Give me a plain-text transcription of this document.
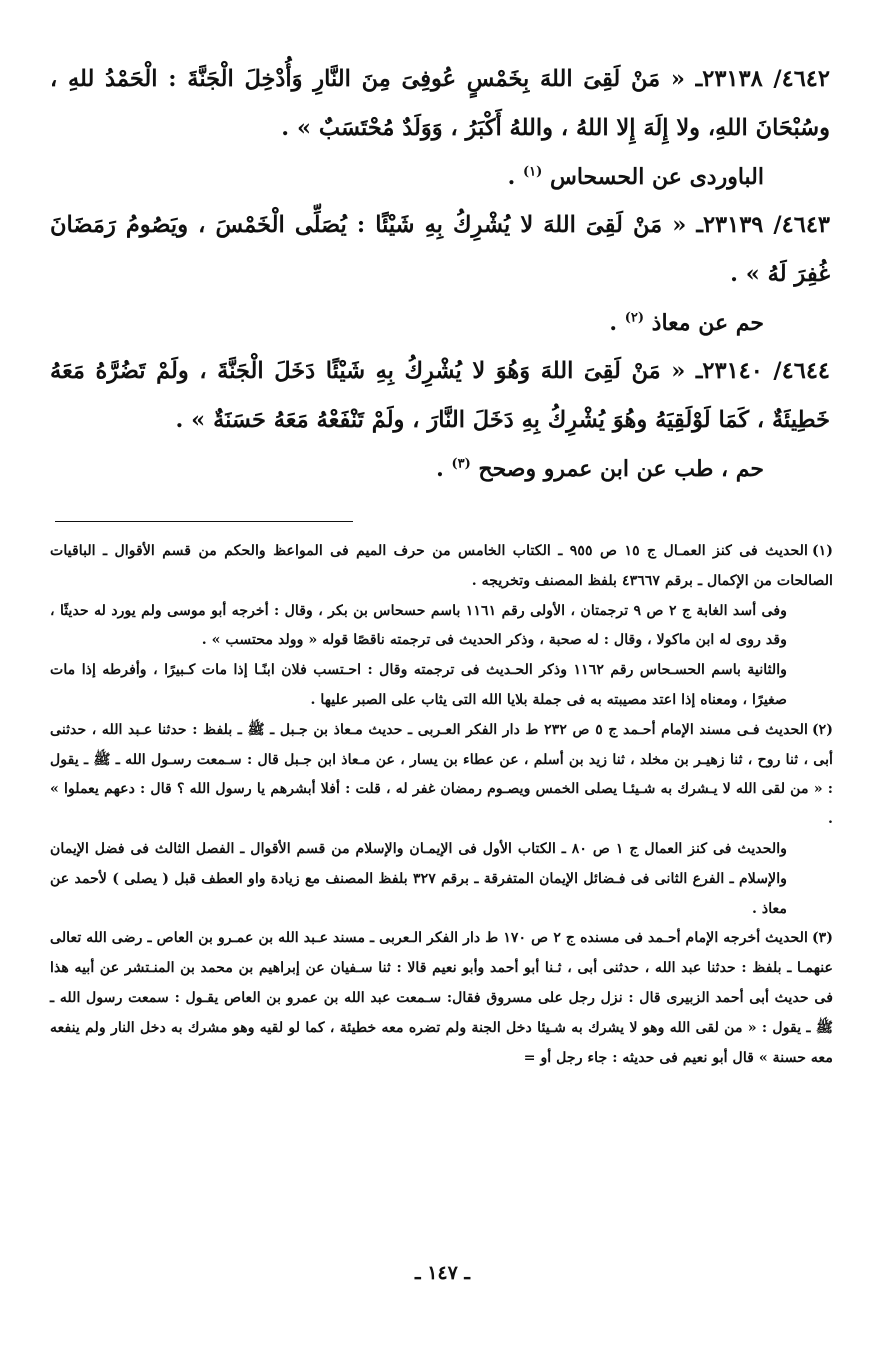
٤٦٤٢/ ٢٣١٣٨ـ « مَنْ لَقِىَ اللهَ بِخَمْسٍ عُوفِىَ مِنَ النَّارِ وَأُدْخِلَ الْجَنَّةَ : الْحَمْدُ للهِ ، وسُبْحَانَ اللهِ، ولا إِلَهَ إِلا اللهُ ، واللهُ أَكْبَرُ ، وَوَلَدٌ مُحْتَسَبٌ » .

الباوردى عن الحسحاس $^{(١)}$ .

٤٦٤٣/ ٢٣١٣٩ـ « مَنْ لَقِىَ اللهَ لا يُشْرِكُ بِهِ شَيْئًا : يُصَلِّى الْخَمْسَ ، ويَصُومُ رَمَضَانَ غُفِرَ لَهُ » .

حم عن معاذ $^{(٢)}$ .

٤٦٤٤/ ٢٣١٤٠ـ « مَنْ لَقِىَ اللهَ وَهُوَ لا يُشْرِكُ بِهِ شَيْئًا دَخَلَ الْجَنَّةَ ، ولَمْ تَضُرَّهُ مَعَهُ خَطِيئَةٌ ، كَمَا لَوْلَقِيَهُ وهُوَ يُشْرِكُ بِهِ دَخَلَ النَّارَ ، ولَمْ تَنْفَعْهُ مَعَهُ حَسَنَةٌ » .

حم ، طب عن ابن عمرو وصحح $^{(٣)}$ .

(١)الحديث فى كنز العمـال ج ١٥ ص ٩٥٥ ـ الكتاب الخامس من حرف الميم فى المواعظ والحكم من قسم الأقوال ـ الباقيات الصالحات من الإكمال ـ برقم ٤٣٦٦٧ بلفظ المصنف وتخريجه .

وفى أسد الغابة ج ٢ ص ٩ ترجمتان ، الأولى رقم ١١٦١ باسم حسحاس بن بكر ، وقال : أخرجه أبو موسى ولم يورد له حديثًا ، وقد روى له ابن ماكولا ، وقال : له صحبة ، وذكر الحديث فى ترجمته ناقصًا قوله « وولد محتسب » .

والثانية باسم الحسـحاس رقم ١١٦٢ وذكر الحـديث فى ترجمته وقال : احـتسب فلان ابنًـا إذا مات كـبيرًا ، وأفرطه إذا مات صغيرًا ، ومعناه إذا اعتد مصيبته به فى جملة بلايا الله التى يثاب على الصبر عليها .

(٢)الحديث فـى مسند الإمام أحـمد ج ٥ ص ٢٣٢ ط دار الفكر العـربى ـ حديث مـعاذ بن جـبل ـ ﷺ ـ بلفظ : حدثنا عـبد الله ، حدثنى أبى ، ثنا روح ، ثنا زهيـر بن مخلد ، ثنا زيد بن أسلم ، عن عطاء بن يسار ، عن مـعاذ ابن جـبل قال : سـمعت رسـول الله ـ ﷺ ـ يقول : « من لقى الله لا يـشرك به شـيئـا يصلى الخمس ويصـوم رمضان غفر له ، قلت : أفلا أبشرهم يا رسول الله ؟ قال : دعهم يعملوا » .

والحديث فى كنز العمال ج ١ ص ٨٠ ـ الكتاب الأول فى الإيمـان والإسلام من قسم الأقوال ـ الفصل الثالث فى فضل الإيمان والإسلام ـ الفرع الثانى فى فـضائل الإيمان المتفرقة ـ برقم ٣٢٧ بلفظ المصنف مع زيادة واو العطف قبل ( يصلى ) لأحمد عن معاذ .

(٣)الحديث أخرجه الإمام أحـمد فى مسنده ج ٢ ص ١٧٠ ط دار الفكر الـعربى ـ مسند عـبد الله بن عمـرو بن العاص ـ رضى الله تعالى عنهمـا ـ بلفظ : حدثنا عبد الله ، حدثنى أبى ، ثـنا أبو أحمد وأبو نعيم قالا : ثنا سـفيان عن إبراهيم بن محمد بن المنـتشر عن أبيه هذا فى حديث أبى أحمد الزبيرى قال : نزل رجل على مسروق فقال: سـمعت عبد الله بن عمرو بن العاص يقـول : سمعت رسول الله ـ ﷺ ـ يقول : « من لقى الله وهو لا يشرك به شـيئا دخل الجنة ولم تضره معه خطيئة ، كما لو لقيه وهو مشرك به دخل النار ولم ينفعه معه حسنة » قال أبو نعيم فى حديثه : جاء رجل أو =

ـ ١٤٧ ـ
